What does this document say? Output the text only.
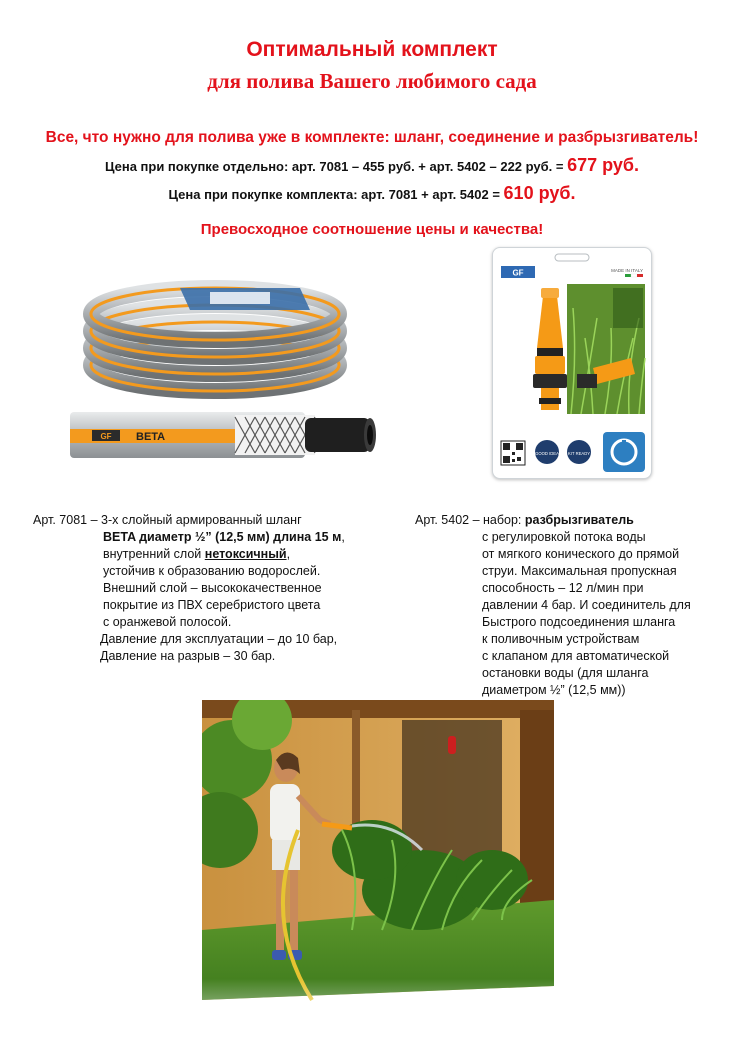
Оптимальный комплект
для полива Вашего любимого сада
Все, что нужно для полива уже в комплекте: шланг, соединение и разбрызгиватель!
Цена при покупке отдельно: арт. 7081 – 455 руб. + арт. 5402 – 222 руб. = 677 руб.
Цена при покупке комплекта: арт. 7081 + арт. 5402 = 610 руб.
Превосходное соотношение цены и качества!
GF BETA
GF	MADE IN ITALY
GOOD IDEA KIT READY
Арт. 7081 – 3-х слойный армированный шланг
BETA диаметр ½” (12,5 мм) длина 15 м,
внутренний слой нетоксичный,
устойчив к образованию водорослей.
Внешний слой – высококачественное
покрытие из ПВХ серебристого цвета
с оранжевой полосой.
Давление для эксплуатации – до 10 бар,
Давление на разрыв – 30 бар.
Арт. 5402 – набор: разбрызгиватель
с регулировкой потока воды
от мягкого конического до прямой
струи. Максимальная пропускная
способность – 12 л/мин при
давлении 4 бар. И соединитель для
Быстрого подсоединения шланга
к поливочным устройствам
с клапаном для автоматической
остановки воды (для шланга
диаметром ½” (12,5 мм))
